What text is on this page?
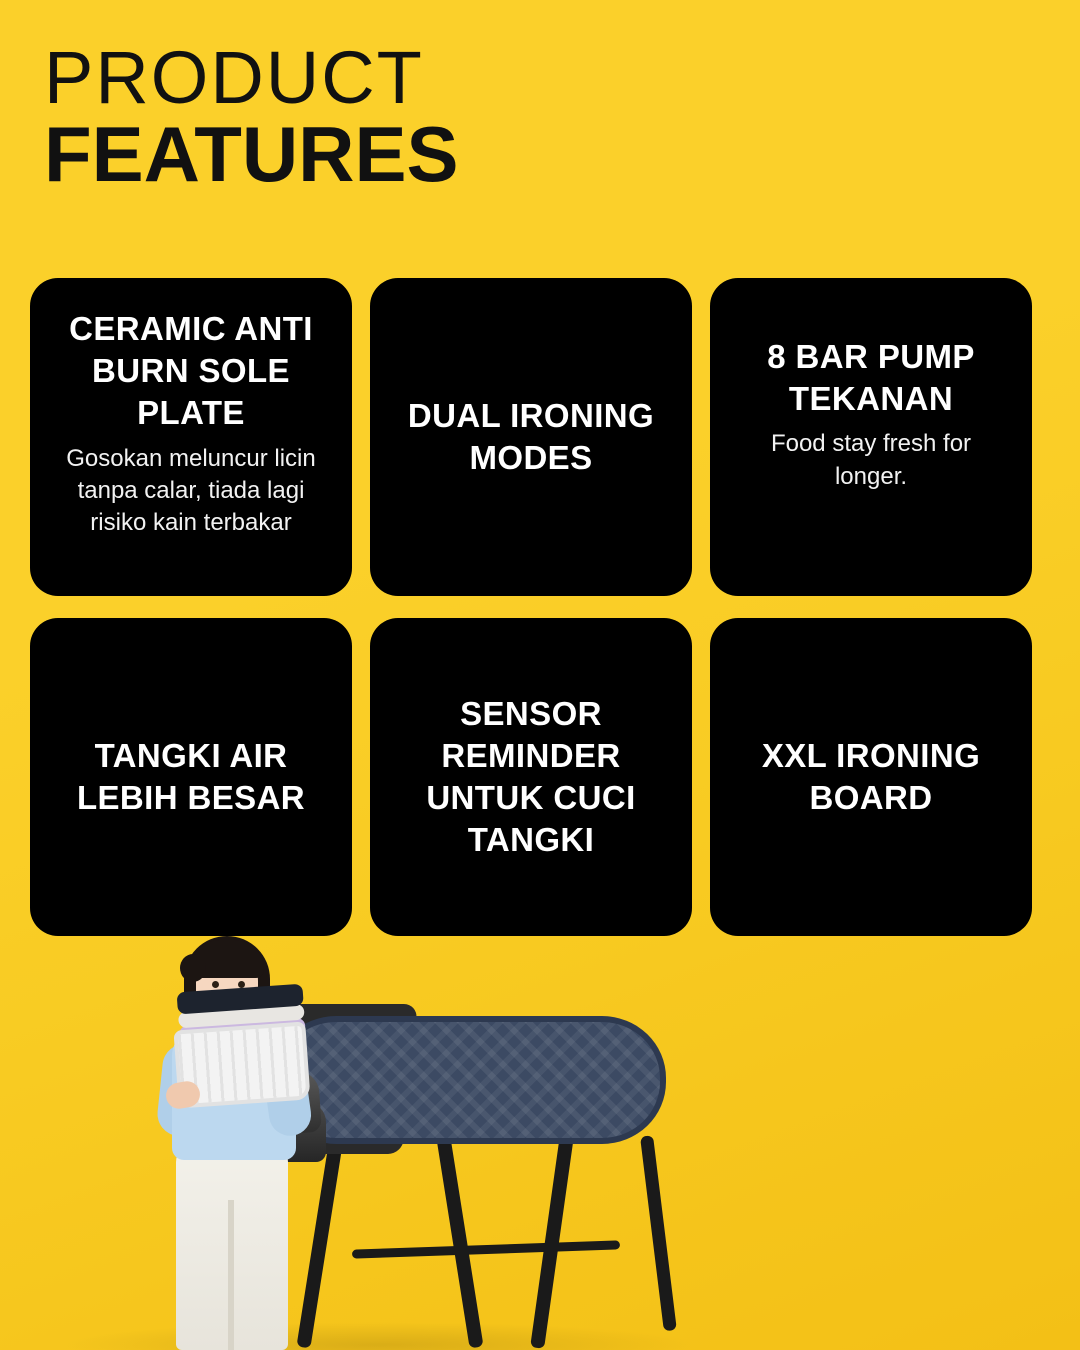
PRODUCT
FEATURES
CERAMIC ANTI BURN SOLE PLATE
Gosokan meluncur licin tanpa calar, tiada lagi risiko kain terbakar
DUAL IRONING MODES
8 BAR PUMP TEKANAN
Food stay fresh for longer.
TANGKI AIR LEBIH BESAR
SENSOR REMINDER UNTUK CUCI TANGKI
XXL IRONING BOARD
